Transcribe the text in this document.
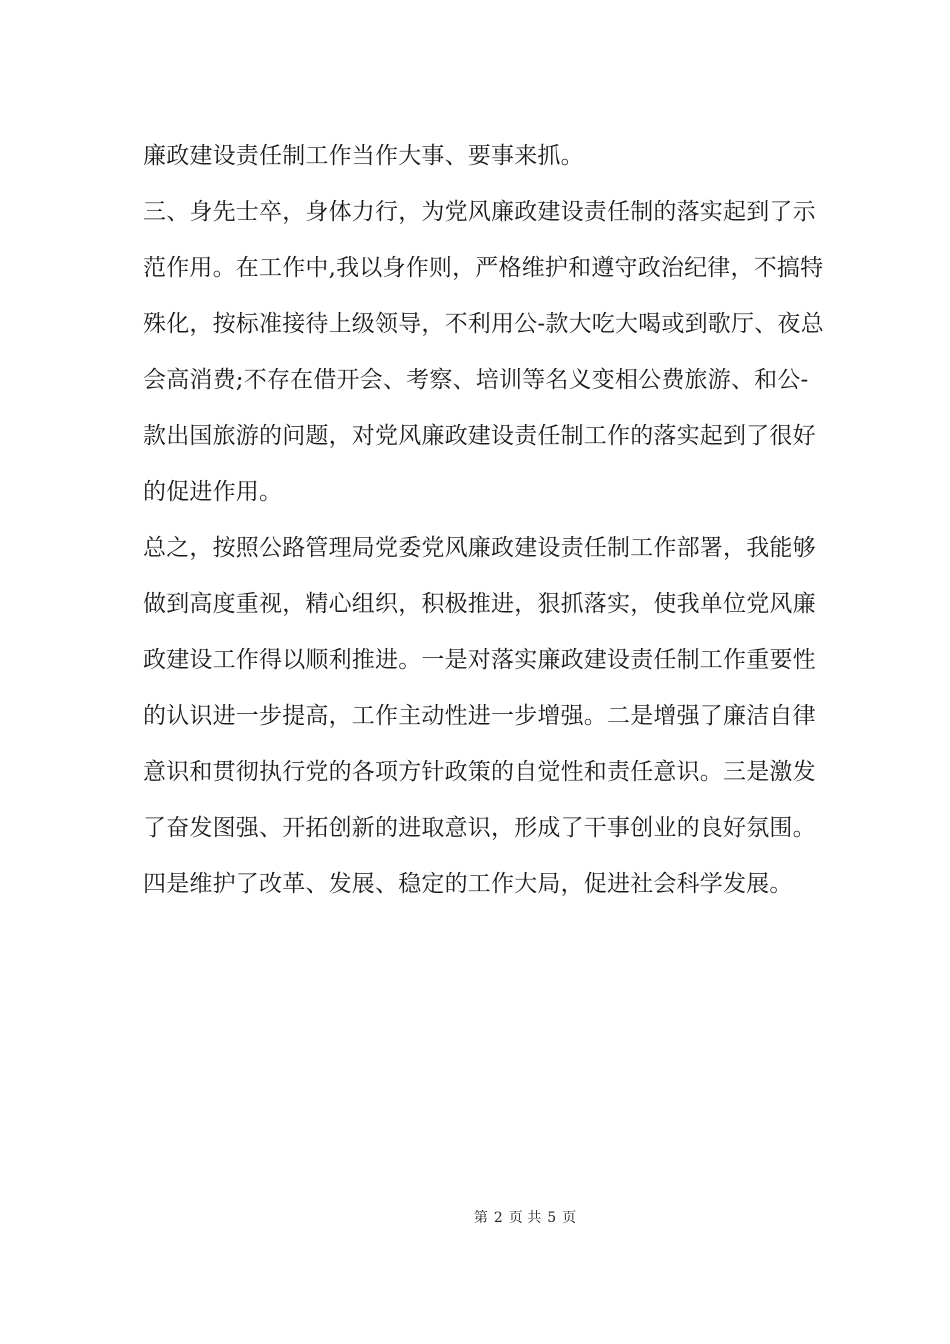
廉政建设责任制工作当作大事、要事来抓。
三、身先士卒，身体力行，为党风廉政建设责任制的落实起到了示
范作用。在工作中,我以身作则，严格维护和遵守政治纪律，不搞特
殊化，按标准接待上级领导，不利用公-款大吃大喝或到歌厅、夜总
会高消费;不存在借开会、考察、培训等名义变相公费旅游、和公-
款出国旅游的问题，对党风廉政建设责任制工作的落实起到了很好
的促进作用。
总之，按照公路管理局党委党风廉政建设责任制工作部署，我能够
做到高度重视，精心组织，积极推进，狠抓落实，使我单位党风廉
政建设工作得以顺利推进。一是对落实廉政建设责任制工作重要性
的认识进一步提高，工作主动性进一步增强。二是增强了廉洁自律
意识和贯彻执行党的各项方针政策的自觉性和责任意识。三是激发
了奋发图强、开拓创新的进取意识，形成了干事创业的良好氛围。
四是维护了改革、发展、稳定的工作大局，促进社会科学发展。
第 2 页 共 5 页
